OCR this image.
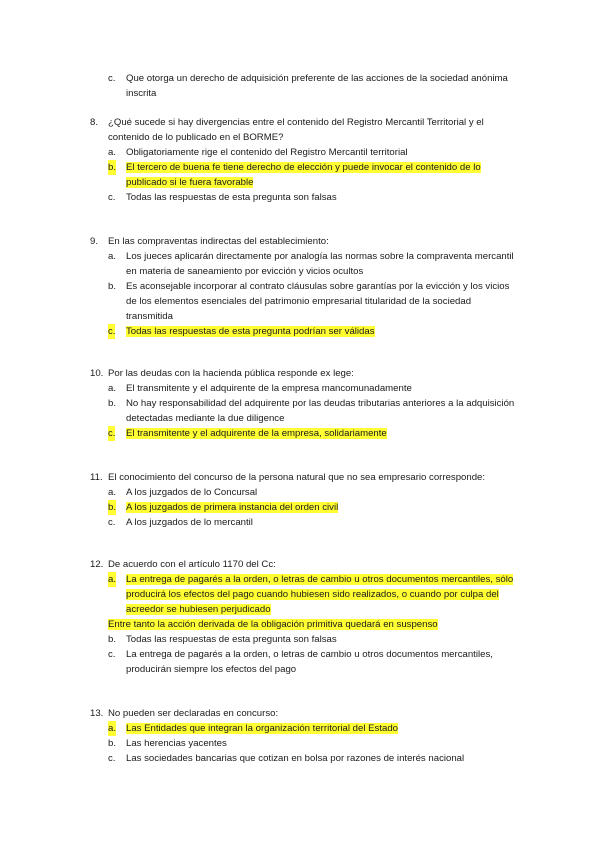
c. Que otorga un derecho de adquisición preferente de las acciones de la sociedad anónima inscrita
8. ¿Qué sucede si hay divergencias entre el contenido del Registro Mercantil Territorial y el contenido de lo publicado en el BORME?
a. Obligatoriamente rige el contenido del Registro Mercantil territorial
b. El tercero de buena fe tiene derecho de elección y puede invocar el contenido de lo publicado si le fuera favorable
c. Todas las respuestas de esta pregunta son falsas
9. En las compraventas indirectas del establecimiento:
a. Los jueces aplicarán directamente por analogía las normas sobre la compraventa mercantil en materia de saneamiento por evicción y vicios ocultos
b. Es aconsejable incorporar al contrato cláusulas sobre garantías por la evicción y los vicios de los elementos esenciales del patrimonio empresarial titularidad de la sociedad transmitida
c. Todas las respuestas de esta pregunta podrían ser válidas
10. Por las deudas con la hacienda pública responde ex lege:
a. El transmitente y el adquirente de la empresa mancomunadamente
b. No hay responsabilidad del adquirente por las deudas tributarias anteriores a la adquisición detectadas mediante la due diligence
c. El transmitente y el adquirente de la empresa, solidariamente
11. El conocimiento del concurso de la persona natural que no sea empresario corresponde:
a. A los juzgados de lo Concursal
b. A los juzgados de primera instancia del orden civil
c. A los juzgados de lo mercantil
12. De acuerdo con el artículo 1170 del Cc:
a. La entrega de pagarés a la orden, o letras de cambio u otros documentos mercantiles, sólo producirá los efectos del pago cuando hubiesen sido realizados, o cuando por culpa del acreedor se hubiesen perjudicado
Entre tanto la acción derivada de la obligación primitiva quedará en suspenso
b. Todas las respuestas de esta pregunta son falsas
c. La entrega de pagarés a la orden, o letras de cambio u otros documentos mercantiles, producirán siempre los efectos del pago
13. No pueden ser declaradas en concurso:
a. Las Entidades que integran la organización territorial del Estado
b. Las herencias yacentes
c. Las sociedades bancarias que cotizan en bolsa por razones de interés nacional
